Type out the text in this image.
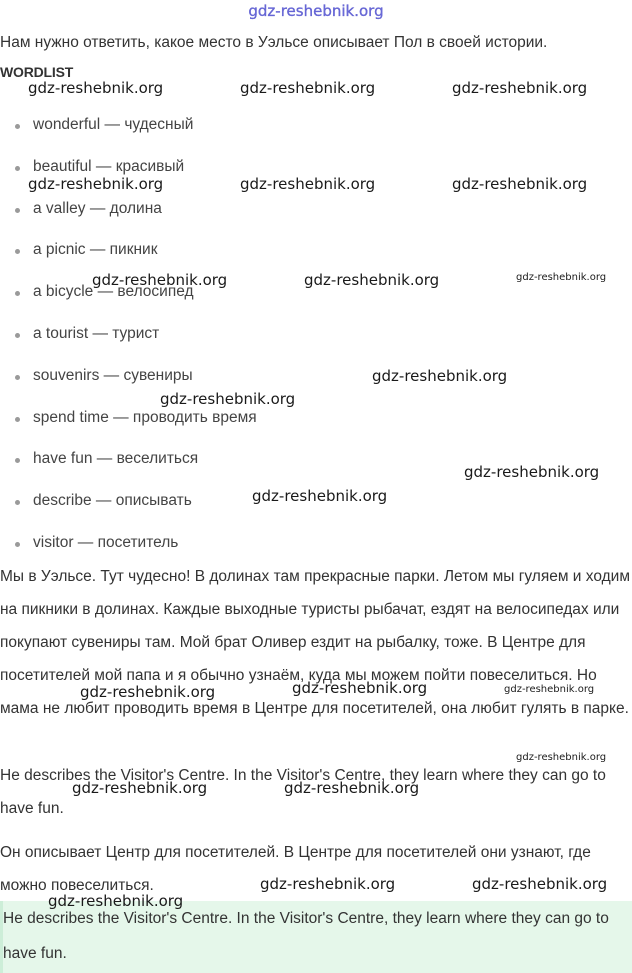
gdz-reshebnik.org

Нам нужно ответить, какое место в Уэльсе описывает Пол в своей истории.

WORDLIST
wonderful — чудесный
beautiful — красивый
a valley — долина
a picnic — пикник
a bicycle — велосипед
a tourist — турист
souvenirs — сувениры
spend time — проводить время
have fun — веселиться
describe — описывать
visitor — посетитель

Мы в Уэльсе. Тут чудесно! В долинах там прекрасные парки. Летом мы гуляем и ходим на пикники в долинах. Каждые выходные туристы рыбачат, ездят на велосипедах или покупают сувениры там. Мой брат Оливер ездит на рыбалку, тоже. В Центре для посетителей мой папа и я обычно узнаём, куда мы можем пойти повеселиться. Но мама не любит проводить время в Центре для посетителей, она любит гулять в парке.

He describes the Visitor's Centre. In the Visitor's Centre, they learn where they can go to have fun.

Он описывает Центр для посетителей. В Центре для посетителей они узнают, где можно повеселиться.

He describes the Visitor's Centre. In the Visitor's Centre, they learn where they can go to have fun.

gdz-reshebnik.org	gdz-reshebnik.org	gdz-reshebnik.org
gdz-reshebnik.org	gdz-reshebnik.org	gdz-reshebnik.org
gdz-reshebnik.org	gdz-reshebnik.org	gdz-reshebnik.org
gdz-reshebnik.org
gdz-reshebnik.org
gdz-reshebnik.org
gdz-reshebnik.org
gdz-reshebnik.org	gdz-reshebnik.org	gdz-reshebnik.org
gdz-reshebnik.org
gdz-reshebnik.org	gdz-reshebnik.org
gdz-reshebnik.org	gdz-reshebnik.org
gdz-reshebnik.org
